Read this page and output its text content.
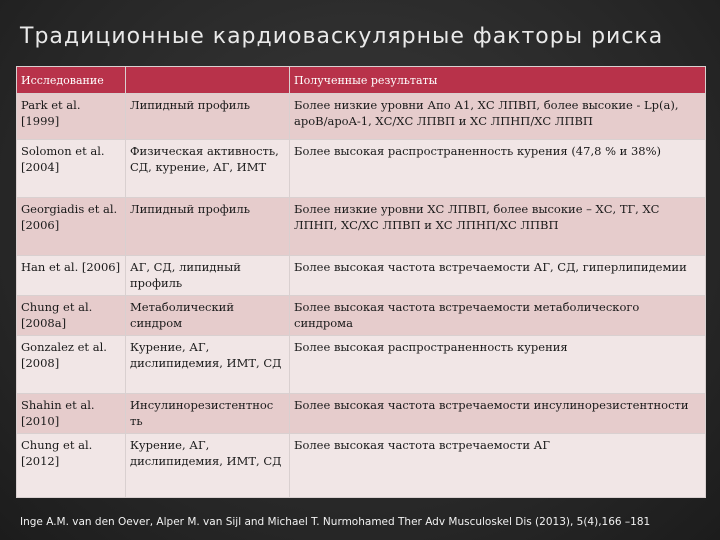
Традиционные кардиоваскулярные факторы риска
Исследование		Полученные результаты
Park et al. [1999]	Липидный профиль	Более низкие уровни Апо А1, ХС ЛПВП, более высокие - Lp(a), аpoB/apoA-1, ХС/ХС ЛПВП и ХС ЛПНП/ХС ЛПВП
Solomon et al. [2004]	Физическая активность, СД, курение, АГ, ИМТ	Более высокая распространенность курения (47,8 % и 38%)
Georgiadis et al. [2006]	Липидный профиль	Более низкие уровни ХС ЛПВП, более высокие – ХС, ТГ, ХС ЛПНП, ХС/ХС ЛПВП и ХС ЛПНП/ХС ЛПВП
Han et al. [2006]	АГ, СД, липидный профиль	Более высокая частота встречаемости АГ, СД, гиперлипидемии
Chung et al. [2008a]	Метаболический синдром	Более высокая частота встречаемости метаболического синдрома
Gonzalez et al. [2008]	Курение, АГ, дислипидемия, ИМТ, СД	Более высокая распространенность курения
Shahin et al. [2010]	Инсулинорезистентнос ть	Более высокая частота встречаемости инсулинорезистентности
Chung et al. [2012]	Курение, АГ, дислипидемия, ИМТ, СД	Более высокая частота встречаемости АГ
Inge A.M. van den Oever, Alper M. van Sijl and Michael T. Nurmohamed Ther Adv Musculoskel Dis (2013), 5(4),166 –181
